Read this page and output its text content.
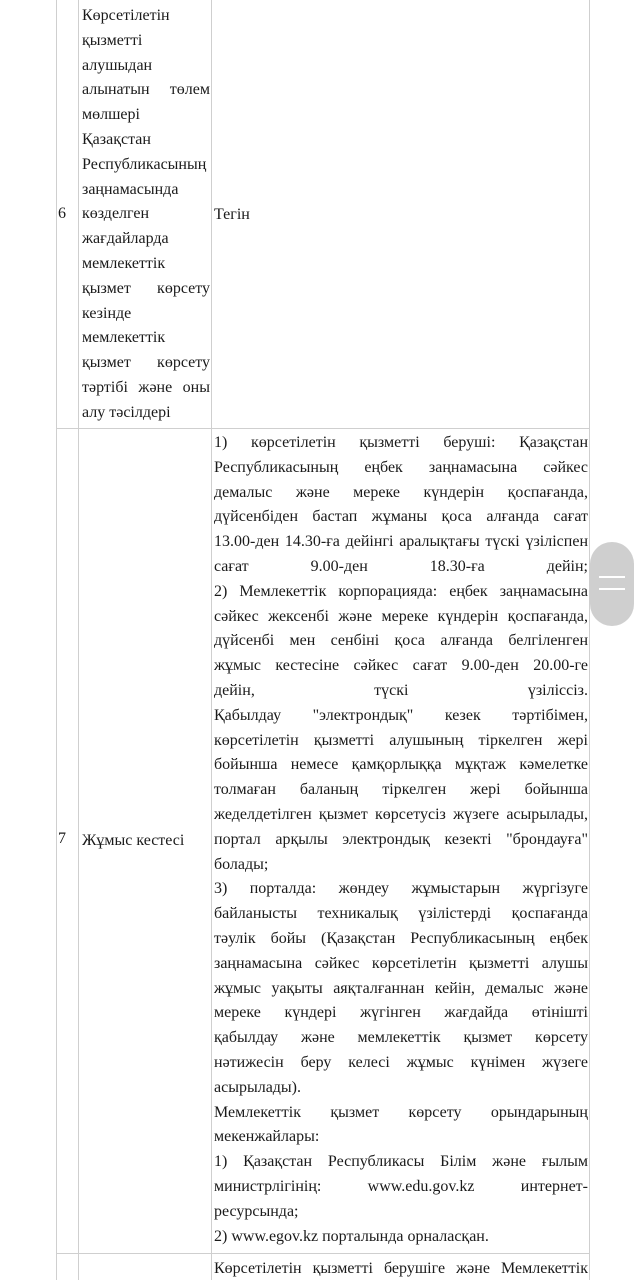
6
Көрсетілетін
қызметті
алушыдан
алынатын төлем
мөлшері
Қазақстан
Республикасының
заңнамасында
көзделген
жағдайларда
мемлекеттік
қызмет көрсету
кезінде
мемлекеттік
қызмет көрсету
тәртібі және оны
алу тәсілдері
Тегін
7	Жұмыс кестесі
1) көрсетілетін қызметті беруші: Қазақстан
Республикасының еңбек заңнамасына сәйкес
демалыс және мереке күндерін қоспағанда,
дүйсенбіден бастап жұманы қоса алғанда сағат
13.00-ден 14.30-ға дейінгі аралықтағы түскі үзіліспен
сағат 9.00-ден 18.30-ға дейін;
2) Мемлекеттік корпорацияда: еңбек заңнамасына
сәйкес жексенбі және мереке күндерін қоспағанда,
дүйсенбі мен сенбіні қоса алғанда белгіленген
жұмыс кестесіне сәйкес сағат 9.00-ден 20.00-ге
дейін, түскі үзіліссіз.
Қабылдау "электрондық" кезек тәртібімен,
көрсетілетін қызметті алушының тіркелген жері
бойынша немесе қамқорлыққа мұқтаж кәмелетке
толмаған баланың тіркелген жері бойынша
жеделдетілген қызмет көрсетусіз жүзеге асырылады,
портал арқылы электрондық кезекті "брондауға"
болады;
3) порталда: жөндеу жұмыстарын жүргізуге
байланысты техникалық үзілістерді қоспағанда
тәулік бойы (Қазақстан Республикасының еңбек
заңнамасына сәйкес көрсетілетін қызметті алушы
жұмыс уақыты аяқталғаннан кейін, демалыс және
мереке күндері жүгінген жағдайда өтінішті
қабылдау және мемлекеттік қызмет көрсету
нәтижесін беру келесі жұмыс күнімен жүзеге
асырылады).
Мемлекеттік қызмет көрсету орындарының
мекенжайлары:
1) Қазақстан Республикасы Білім және ғылым
министрлігінің: www.edu.gov.kz интернет-
ресурсында;
2) www.egov.kz порталында орналасқан.
Көрсетілетін қызметті берушіге және Мемлекеттік
